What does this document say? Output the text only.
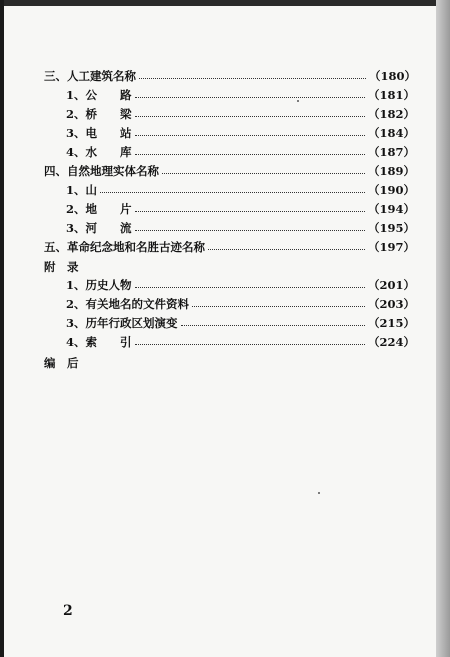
三、人工建筑名称	（180）
1、公　　路	（181）
2、桥　　梁	（182）
3、电　　站	（184）
4、水　　库	（187）
四、自然地理实体名称	（189）
1、山	（190）
2、地　　片	（194）
3、河　　流	（195）
五、革命纪念地和名胜古迹名称	（197）
附　录
1、历史人物	（201）
2、有关地名的文件资料	（203）
3、历年行政区划演变	（215）
4、索　　引	（224）
编　后
2
